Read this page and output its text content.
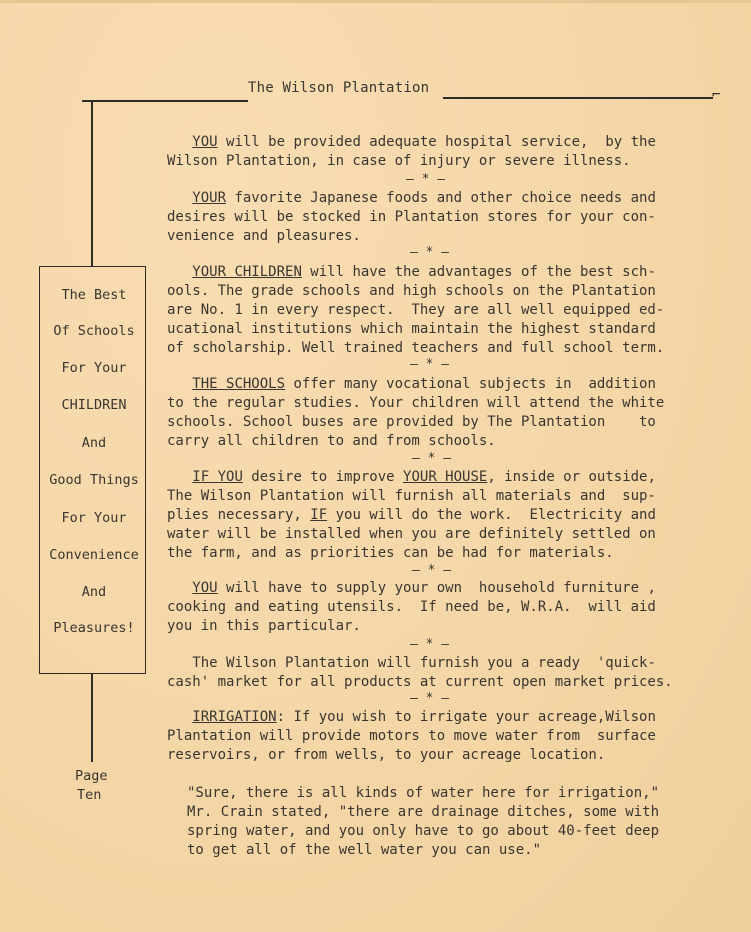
The Wilson Plantation	⌐
The Best
Of Schools
For Your
CHILDREN
And
Good Things
For Your
Convenience
And
Pleasures!
Page
Ten
YOU will be provided adequate hospital service,  by the
Wilson Plantation, in case of injury or severe illness.
— * —
YOUR favorite Japanese foods and other choice needs and
desires will be stocked in Plantation stores for your con-
venience and pleasures.
— * —
YOUR CHILDREN will have the advantages of the best sch-
ools. The grade schools and high schools on the Plantation
are No. 1 in every respect.  They are all well equipped ed-
ucational institutions which maintain the highest standard
of scholarship. Well trained teachers and full school term.
— * —
THE SCHOOLS offer many vocational subjects in  addition
to the regular studies. Your children will attend the white
schools. School buses are provided by The Plantation    to
carry all children to and from schools.
— * —
IF YOU desire to improve YOUR HOUSE, inside or outside,
The Wilson Plantation will furnish all materials and  sup-
plies necessary, IF you will do the work.  Electricity and
water will be installed when you are definitely settled on
the farm, and as priorities can be had for materials.
— * —
YOU will have to supply your own  household furniture ,
cooking and eating utensils.  If need be, W.R.A.  will aid
you in this particular.
— * —
The Wilson Plantation will furnish you a ready  'quick-
cash' market for all products at current open market prices.
— * —
IRRIGATION: If you wish to irrigate your acreage,Wilson
Plantation will provide motors to move water from  surface
reservoirs, or from wells, to your acreage location.
"Sure, there is all kinds of water here for irrigation,"
Mr. Crain stated, "there are drainage ditches, some with
spring water, and you only have to go about 40-feet deep
to get all of the well water you can use."
